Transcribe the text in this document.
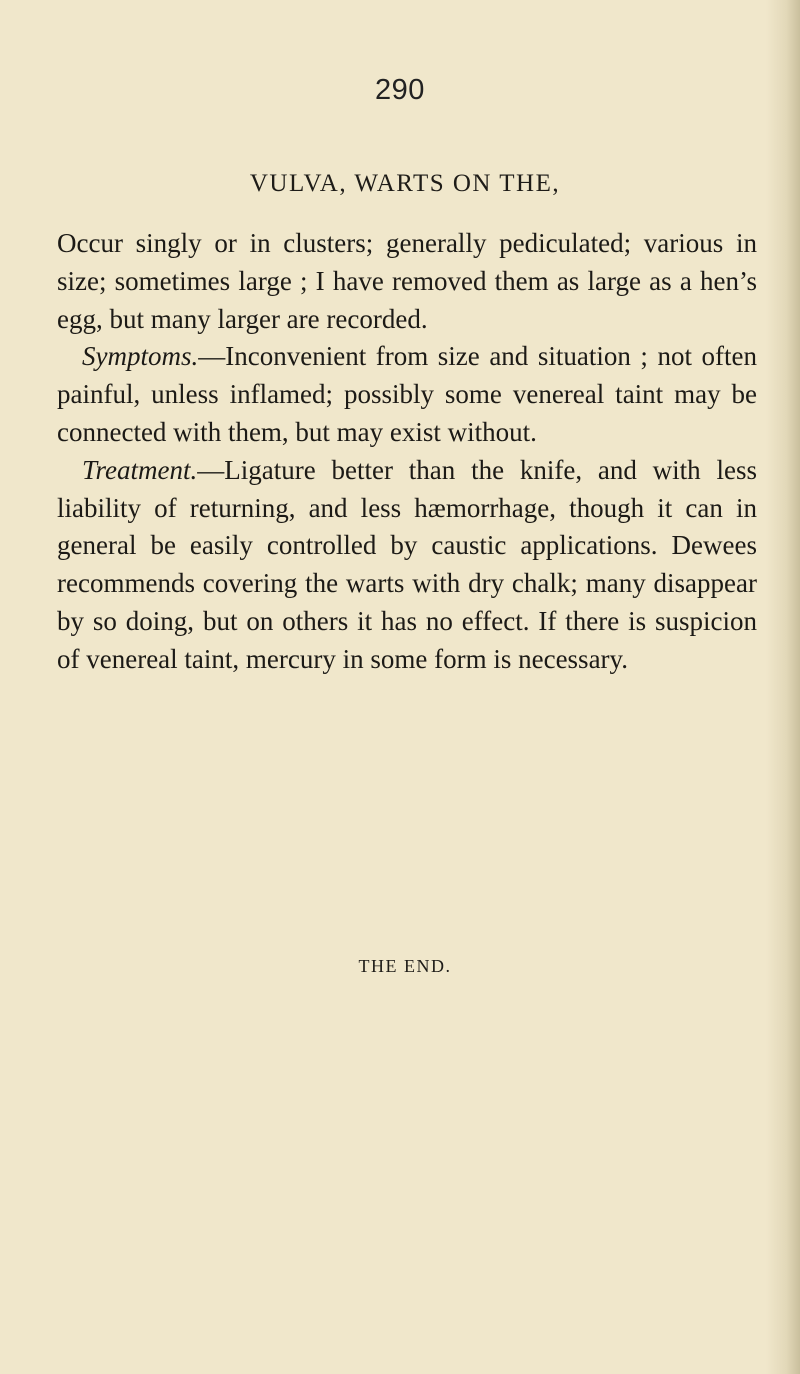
290
VULVA, WARTS ON THE,

Occur singly or in clusters; generally pediculated; various in size; sometimes large ; I have removed them as large as a hen’s egg, but many larger are recorded.

Symptoms.—Inconvenient from size and situation ; not often painful, unless inflamed; possibly some venereal taint may be connected with them, but may exist without.

Treatment.—Ligature better than the knife, and with less liability of returning, and less hæmorrhage, though it can in general be easily controlled by caustic applications. Dewees recommends covering the warts with dry chalk; many disappear by so doing, but on others it has no effect. If there is suspicion of venereal taint, mercury in some form is necessary.

THE END.
